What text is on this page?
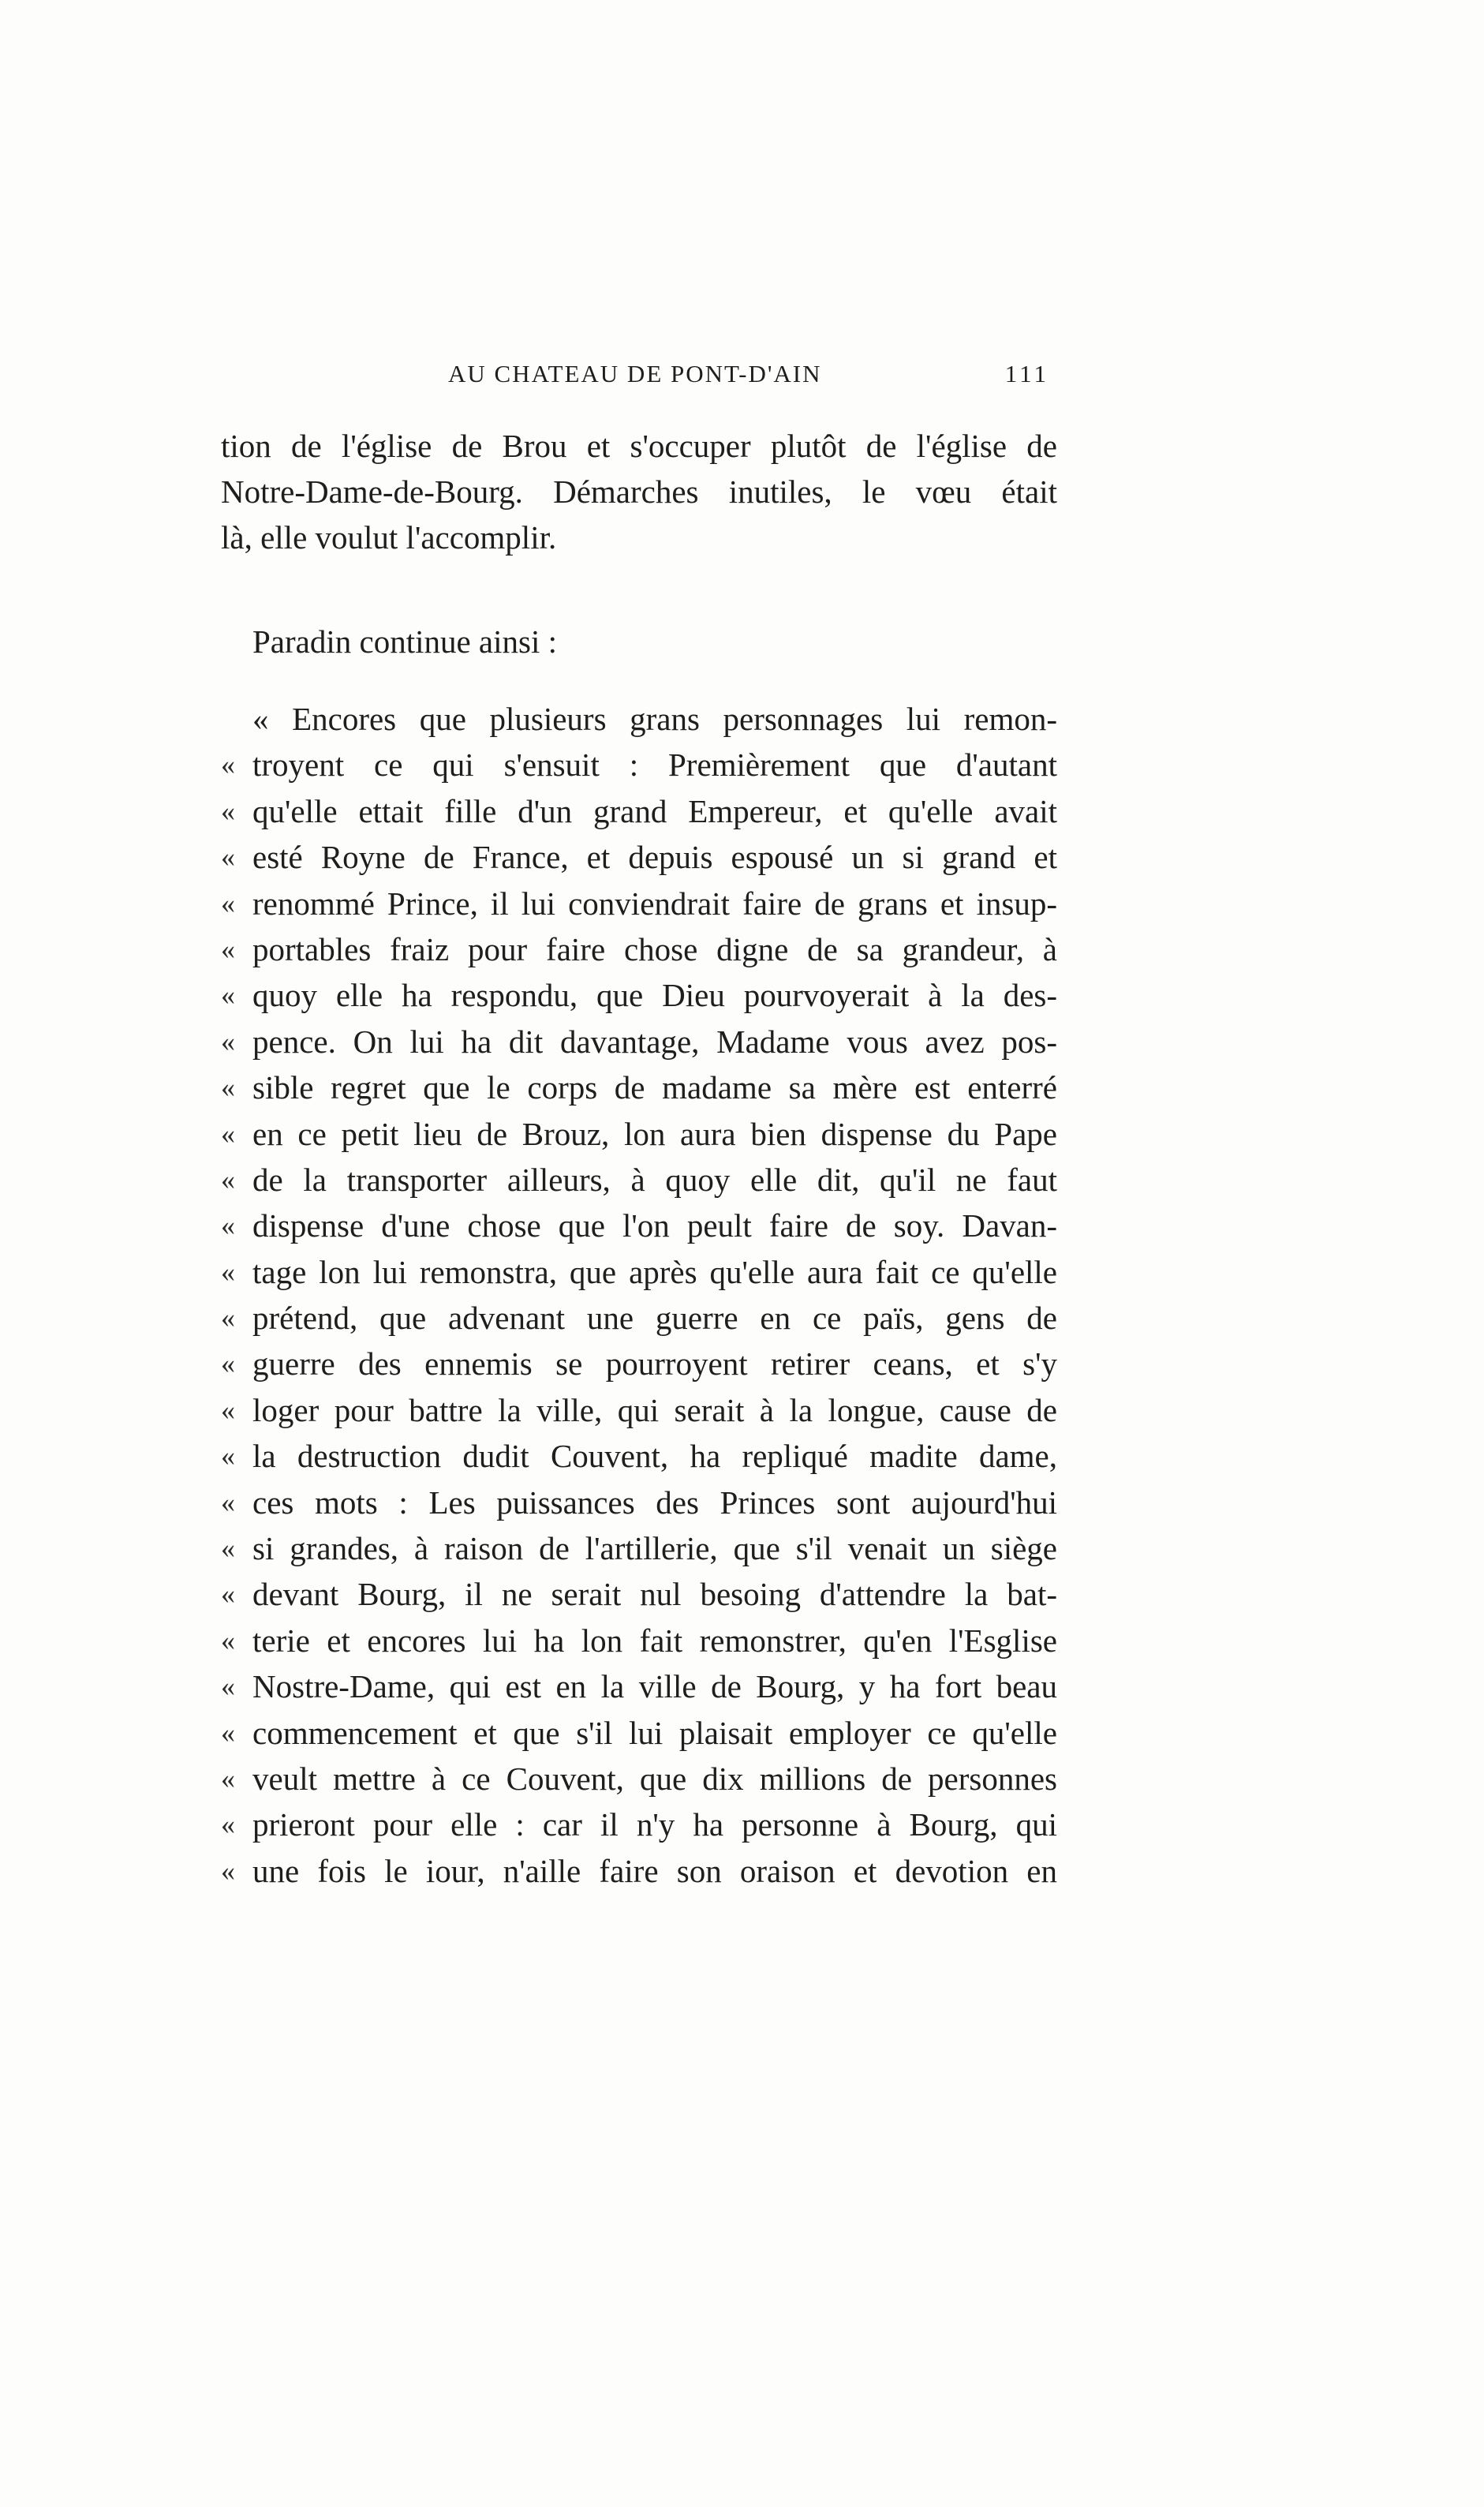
AU CHATEAU DE PONT-D'AIN	111
tion de l'église de Brou et s'occuper plutôt de l'église de
Notre-Dame-de-Bourg. Démarches inutiles, le vœu était
là, elle voulut l'accomplir.
Paradin continue ainsi :
« Encores que plusieurs grans personnages lui remon-
« troyent ce qui s'ensuit : Premièrement que d'autant
« qu'elle ettait fille d'un grand Empereur, et qu'elle avait
« esté Royne de France, et depuis espousé un si grand et
« renommé Prince, il lui conviendrait faire de grans et insup-
« portables fraiz pour faire chose digne de sa grandeur, à
« quoy elle ha respondu, que Dieu pourvoyerait à la des-
« pence. On lui ha dit davantage, Madame vous avez pos-
« sible regret que le corps de madame sa mère est enterré
« en ce petit lieu de Brouz, lon aura bien dispense du Pape
« de la transporter ailleurs, à quoy elle dit, qu'il ne faut
« dispense d'une chose que l'on peult faire de soy. Davan-
« tage lon lui remonstra, que après qu'elle aura fait ce qu'elle
« prétend, que advenant une guerre en ce païs, gens de
« guerre des ennemis se pourroyent retirer ceans, et s'y
« loger pour battre la ville, qui serait à la longue, cause de
« la destruction dudit Couvent, ha repliqué madite dame,
« ces mots : Les puissances des Princes sont aujourd'hui
« si grandes, à raison de l'artillerie, que s'il venait un siège
« devant Bourg, il ne serait nul besoing d'attendre la bat-
« terie et encores lui ha lon fait remonstrer, qu'en l'Esglise
« Nostre-Dame, qui est en la ville de Bourg, y ha fort beau
« commencement et que s'il lui plaisait employer ce qu'elle
« veult mettre à ce Couvent, que dix millions de personnes
« prieront pour elle : car il n'y ha personne à Bourg, qui
« une fois le iour, n'aille faire son oraison et devotion en
